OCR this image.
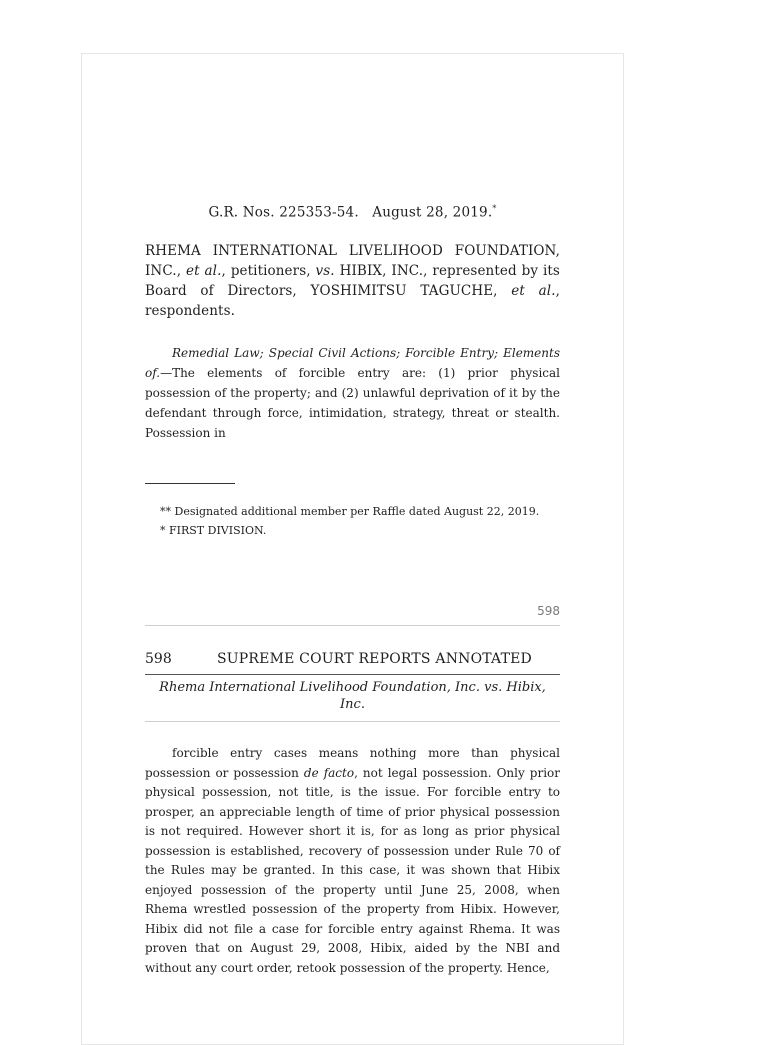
G.R. Nos. 225353-54. August 28, 2019.*
RHEMA INTERNATIONAL LIVELIHOOD FOUNDATION, INC., et al., petitioners, vs. HIBIX, INC., represented by its Board of Directors, YOSHIMITSU TAGUCHE, et al., respondents.
Remedial Law; Special Civil Actions; Forcible Entry; Elements of.—The elements of forcible entry are: (1) prior physical possession of the property; and (2) unlawful deprivation of it by the defendant through force, intimidation, strategy, threat or stealth. Possession in
** Designated additional member per Raffle dated August 22, 2019.
* FIRST DIVISION.
598
598	SUPREME COURT REPORTS ANNOTATED
Rhema International Livelihood Foundation, Inc. vs. Hibix, Inc.
forcible entry cases means nothing more than physical possession or possession de facto, not legal possession. Only prior physical possession, not title, is the issue. For forcible entry to prosper, an appreciable length of time of prior physical possession is not required. However short it is, for as long as prior physical possession is established, recovery of possession under Rule 70 of the Rules may be granted. In this case, it was shown that Hibix enjoyed possession of the property until June 25, 2008, when Rhema wrestled possession of the property from Hibix. However, Hibix did not file a case for forcible entry against Rhema. It was proven that on August 29, 2008, Hibix, aided by the NBI and without any court order, retook possession of the property. Hence,
